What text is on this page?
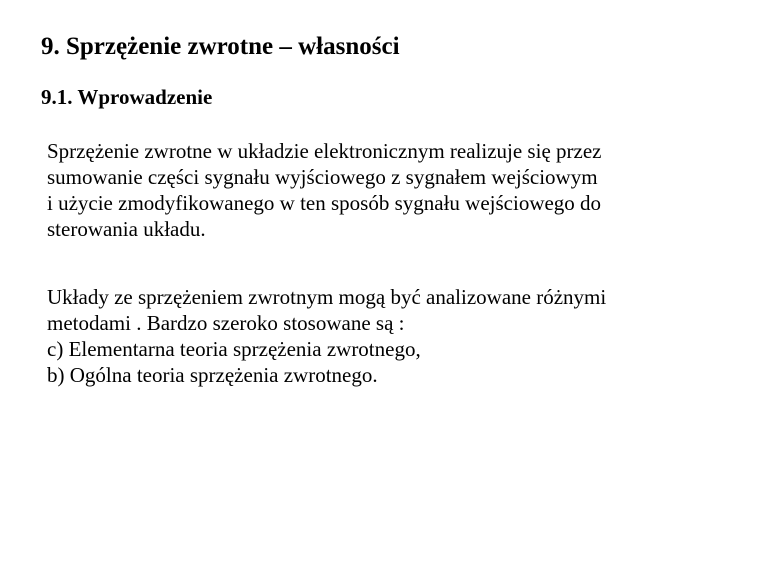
9. Sprzężenie zwrotne – własności
9.1. Wprowadzenie
Sprzężenie zwrotne w układzie elektronicznym realizuje się przez
sumowanie części sygnału wyjściowego z sygnałem wejściowym
i użycie zmodyfikowanego w ten sposób sygnału wejściowego do
sterowania układu.
Układy ze sprzężeniem zwrotnym mogą być analizowane różnymi
metodami . Bardzo szeroko stosowane są :
c) Elementarna teoria sprzężenia zwrotnego,
b) Ogólna teoria sprzężenia zwrotnego.
